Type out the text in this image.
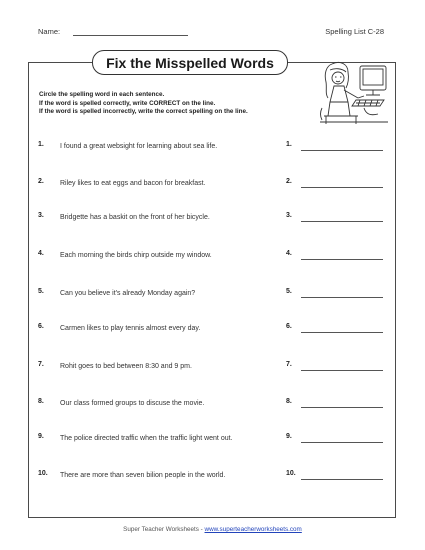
Name:	Spelling List C-28
Fix the Misspelled Words
Circle the spelling word in each sentence.
If the word is spelled correctly, write CORRECT on the line.
If the word is spelled incorrectly, write the correct spelling on the line.
1. I found a great websight for learning about sea life.	1.
2. Riley likes to eat eggs and bacon for breakfast.	2.
3. Bridgette has a baskit on the front of her bicycle.	3.
4. Each morning the birds chirp outside my window.	4.
5. Can you believe it's already Monday again?	5.
6. Carmen likes to play tennis almost every day.	6.
7. Rohit goes to bed between 8:30 and 9 pm.	7.
8. Our class formed groups to discuse the movie.	8.
9. The police directed traffic when the traffic light went out.	9.
10. There are more than seven bilion people in the world.	10.
Super Teacher Worksheets - www.superteacherworksheets.com
